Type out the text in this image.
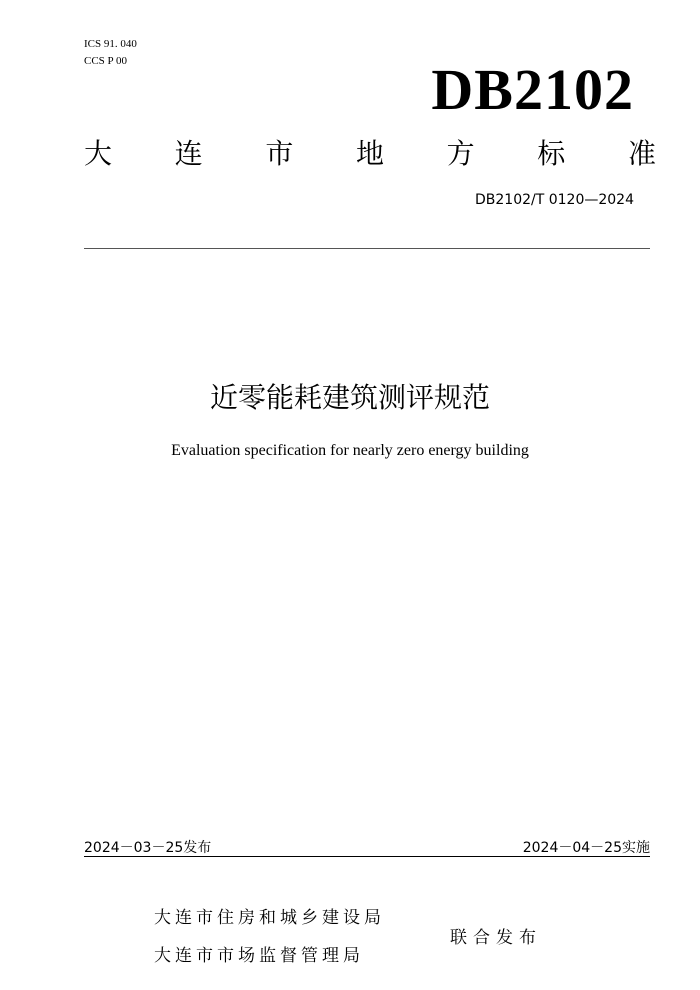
ICS 91. 040
CCS P 00	DB2102
大 连 市 地 方 标 准
DB2102/T 0120—2024
近零能耗建筑测评规范
Evaluation specification for nearly zero energy building
2024－03－25发布	2024－04－25实施
大连市住房和城乡建设局
大连市市场监督管理局
联合发布
